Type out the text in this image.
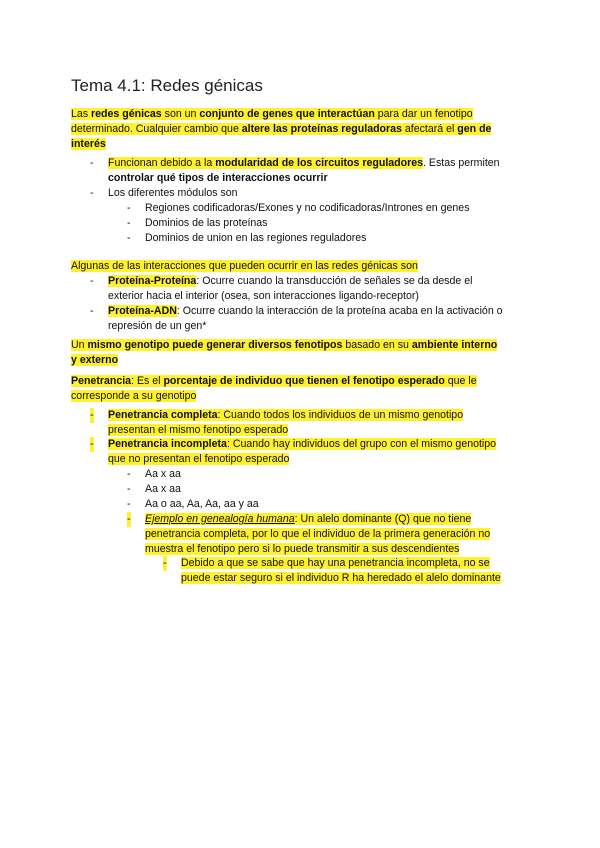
Tema 4.1: Redes génicas
Las redes génicas son un conjunto de genes que interactúan para dar un fenotipo
determinado. Cualquier cambio que altere las proteínas reguladoras afectará el gen de
interés
- Funcionan debido a la modularidad de los circuitos reguladores. Estas permiten
controlar qué tipos de interacciones ocurrir
- Los diferentes módulos son
- Regiones codificadoras/Exones y no codificadoras/Intrones en genes
- Dominios de las proteínas
- Dominios de union en las regiones reguladores
Algunas de las interacciones que pueden ocurrir en las redes génicas son
- Proteína-Proteína: Ocurre cuando la transducción de señales se da desde el
exterior hacia el interior (osea, son interacciones ligando-receptor)
- Proteína-ADN: Ocurre cuando la interacción de la proteína acaba en la activación o
represión de un gen*
Un mismo genotipo puede generar diversos fenotipos basado en su ambiente interno
y externo
Penetrancia: Es el porcentaje de individuo que tienen el fenotipo esperado que le
corresponde a su genotipo
- Penetrancia completa: Cuando todos los individuos de un mismo genotipo
presentan el mismo fenotipo esperado
- Penetrancia incompleta: Cuando hay individuos del grupo con el mismo genotipo
que no presentan el fenotipo esperado
- Aa x aa
- Aa x aa
- Aa o aa, Aa, Aa, aa y aa
- Ejemplo en genealogía humana: Un alelo dominante (Q) que no tiene
penetrancia completa, por lo que el individuo de la primera generación no
muestra el fenotipo pero si lo puede transmitir a sus descendientes
- Debido a que se sabe que hay una penetrancia incompleta, no se
puede estar seguro si el individuo R ha heredado el alelo dominante
